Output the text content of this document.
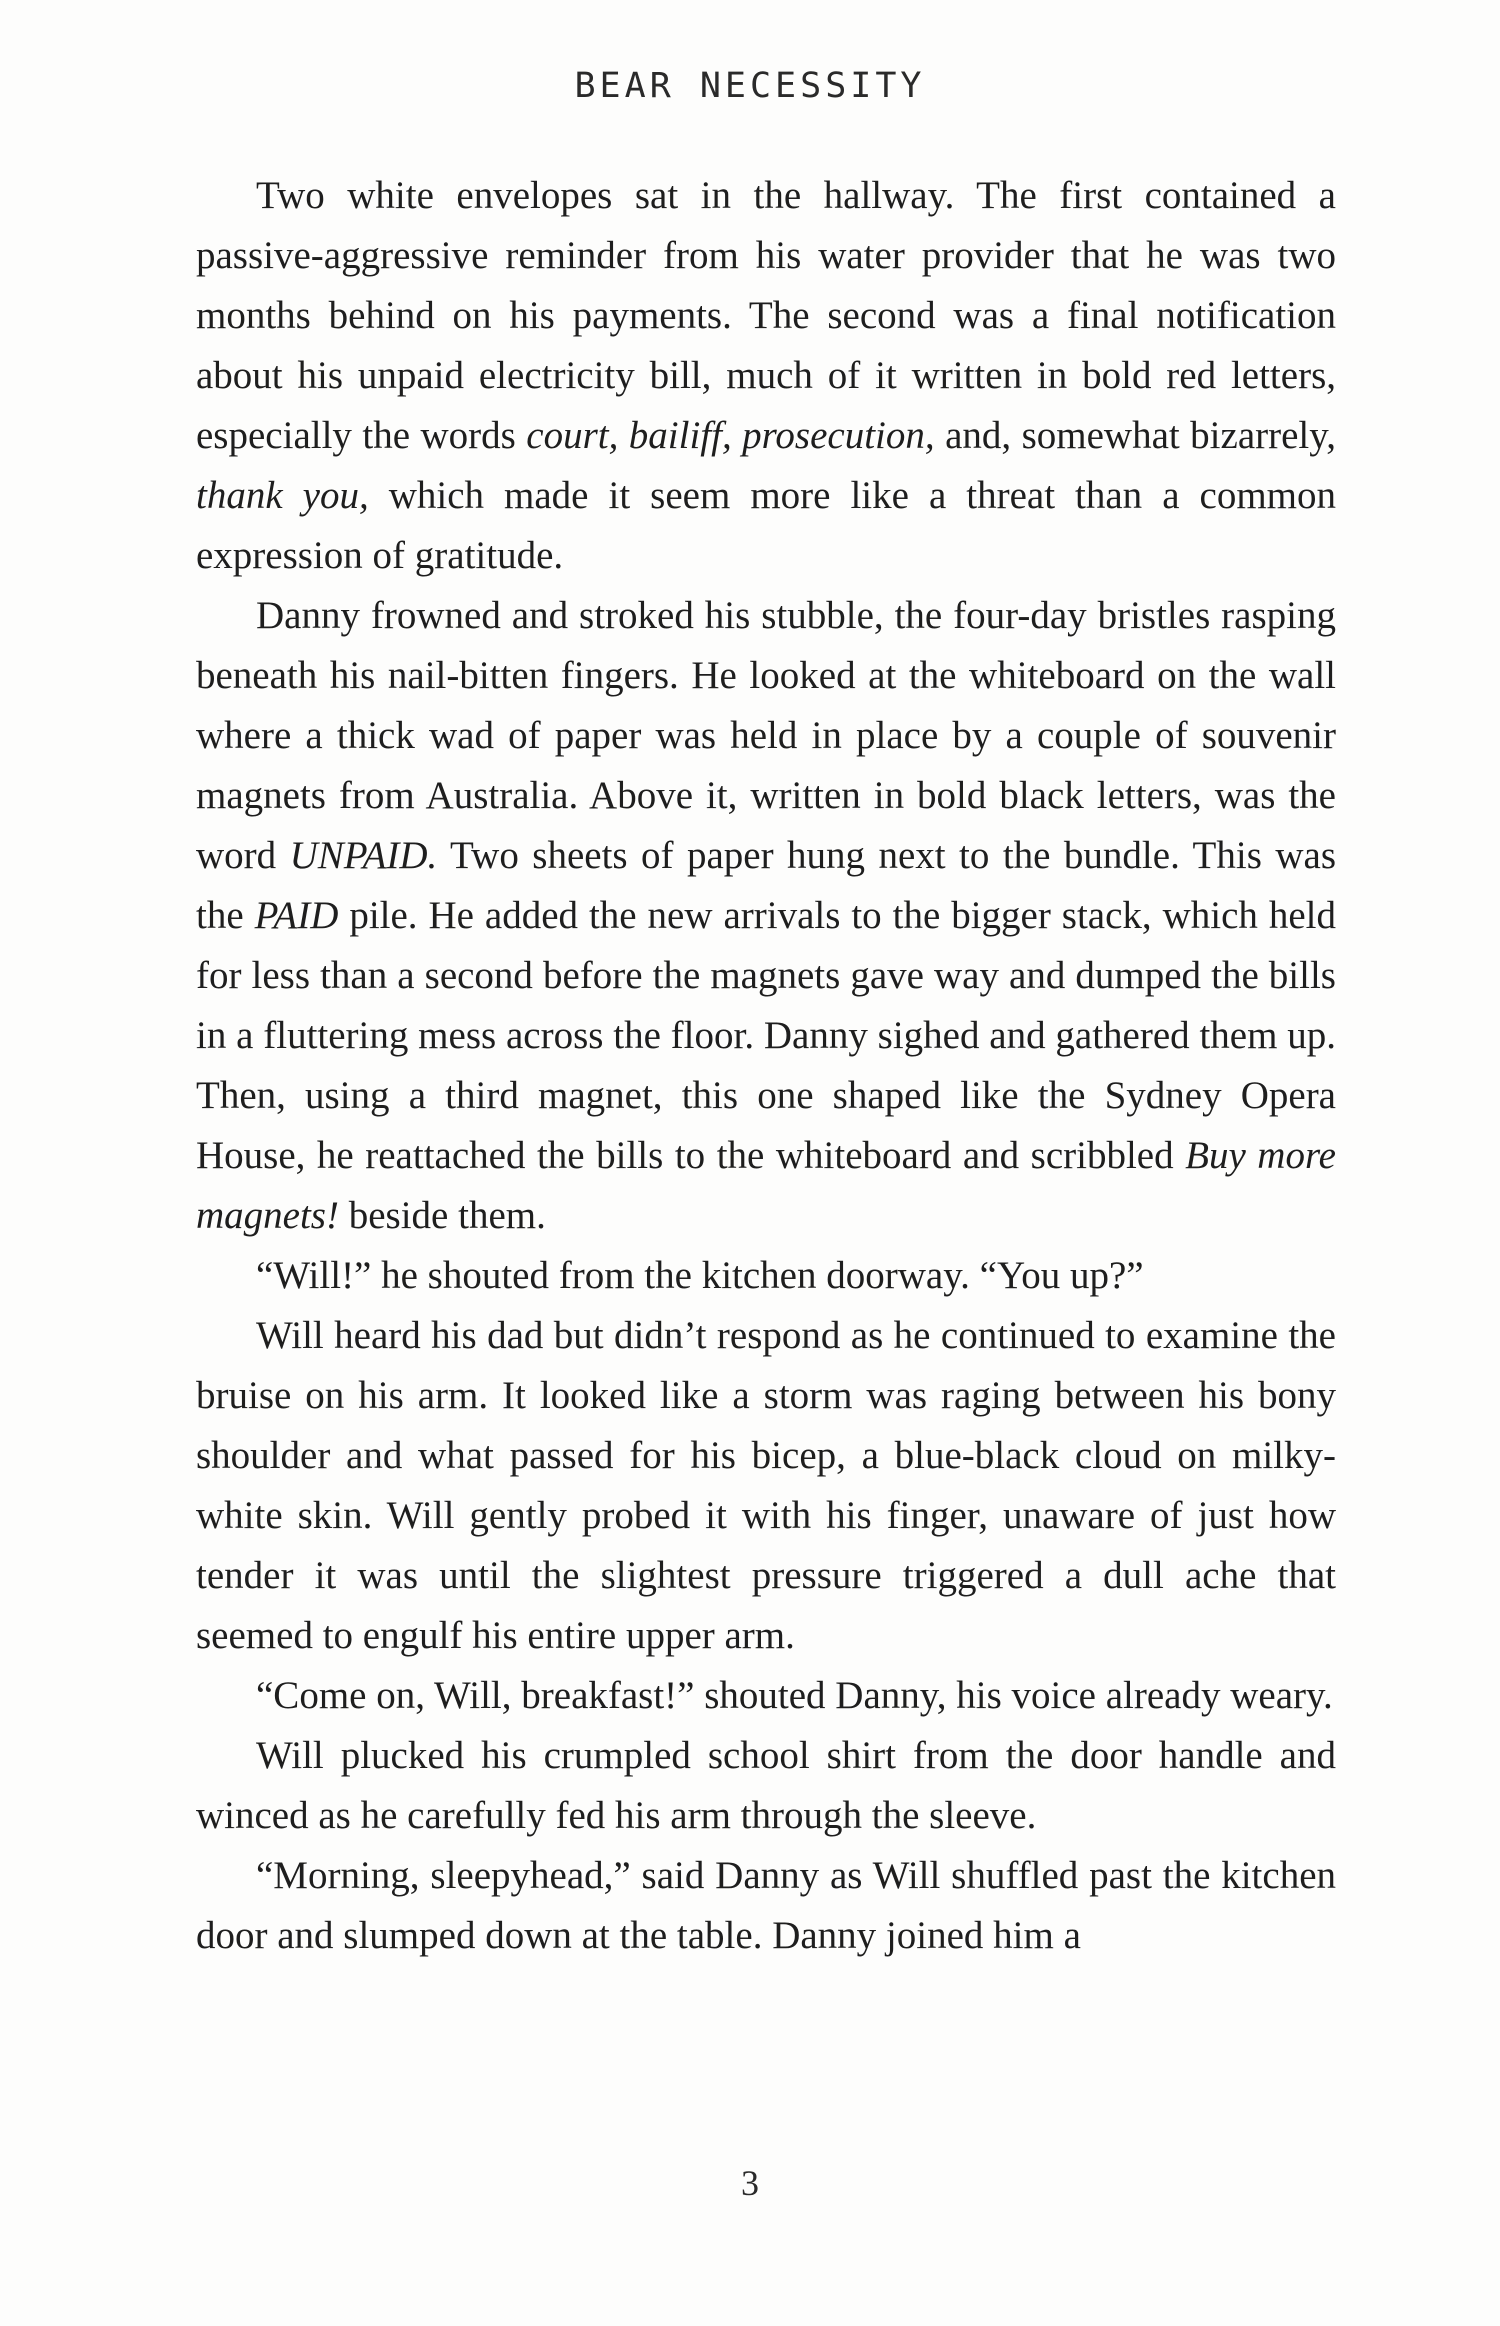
BEAR NECESSITY

Two white envelopes sat in the hallway. The first contained a passive-aggressive reminder from his water provider that he was two months behind on his payments. The second was a final notification about his unpaid electricity bill, much of it written in bold red letters, especially the words court, bailiff, prosecution, and, somewhat bizarrely, thank you, which made it seem more like a threat than a common expression of gratitude.

Danny frowned and stroked his stubble, the four-day bristles rasping beneath his nail-bitten fingers. He looked at the whiteboard on the wall where a thick wad of paper was held in place by a couple of souvenir magnets from Australia. Above it, written in bold black letters, was the word UNPAID. Two sheets of paper hung next to the bundle. This was the PAID pile. He added the new arrivals to the bigger stack, which held for less than a second before the magnets gave way and dumped the bills in a fluttering mess across the floor. Danny sighed and gathered them up. Then, using a third magnet, this one shaped like the Sydney Opera House, he reattached the bills to the whiteboard and scribbled Buy more magnets! beside them.

“Will!” he shouted from the kitchen doorway. “You up?”

Will heard his dad but didn’t respond as he continued to examine the bruise on his arm. It looked like a storm was raging between his bony shoulder and what passed for his bicep, a blue-black cloud on milky-white skin. Will gently probed it with his finger, unaware of just how tender it was until the slightest pressure triggered a dull ache that seemed to engulf his entire upper arm.

“Come on, Will, breakfast!” shouted Danny, his voice already weary.

Will plucked his crumpled school shirt from the door handle and winced as he carefully fed his arm through the sleeve.

“Morning, sleepyhead,” said Danny as Will shuffled past the kitchen door and slumped down at the table. Danny joined him a

3
